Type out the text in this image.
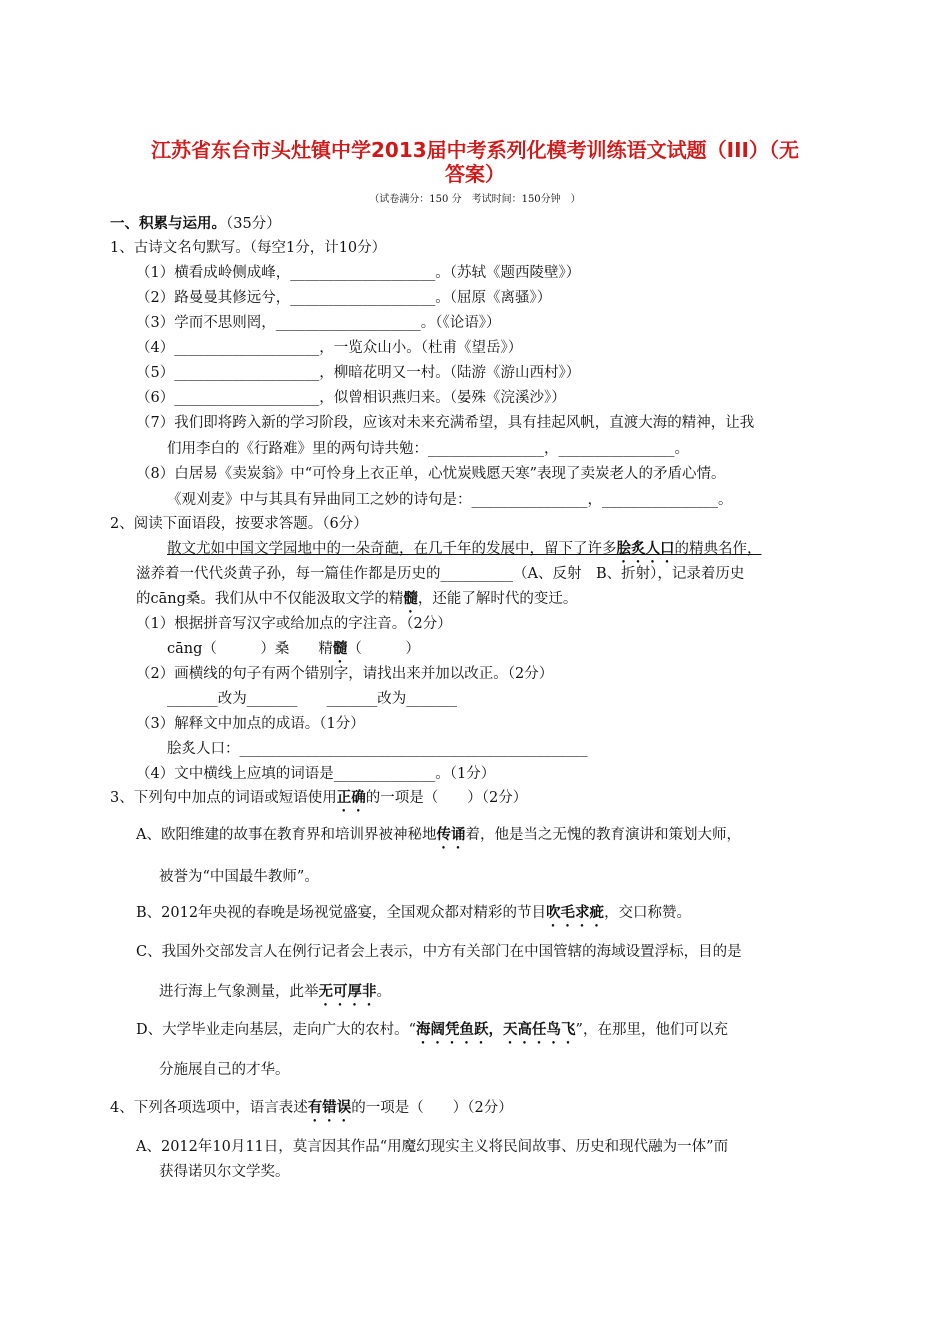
江苏省东台市头灶镇中学2013届中考系列化模考训练语文试题（III）（无
答案）
（试卷满分：150 分　考试时间：150分钟　）
一、积累与运用。（35分）
1、古诗文名句默写。（每空1分，计10分）
（1）横看成岭侧成峰，____________________。（苏轼《题西陵壁》）
（2）路曼曼其修远兮，____________________。（屈原《离骚》）
（3）学而不思则罔，____________________。（《论语》）
（4）____________________，一览众山小。（杜甫《望岳》）
（5）____________________，柳暗花明又一村。（陆游《游山西村》）
（6）____________________，似曾相识燕归来。（晏殊《浣溪沙》）
（7）我们即将跨入新的学习阶段，应该对未来充满希望，具有挂起风帆，直渡大海的精神，让我
们用李白的《行路难》里的两句诗共勉：________________，________________。
（8）白居易《卖炭翁》中“可怜身上衣正单，心忧炭贱愿天寒”表现了卖炭老人的矛盾心情。
《观刈麦》中与其具有异曲同工之妙的诗句是：________________，________________。
2、阅读下面语段，按要求答题。（6分）
散文尤如中国文学园地中的一朵奇葩，在几千年的发展中，留下了许多脍炙人口的精典名作，
滋养着一代代炎黄子孙，每一篇佳作都是历史的__________（A、反射　B、折射），记录着历史
的cāng桑。我们从中不仅能汲取文学的精髓，还能了解时代的变迁。
（1）根据拼音写汉字或给加点的字注音。（2分）
cāng（　　　）桑　　 精髓（　　　）
（2）画横线的句子有两个错别字，请找出来并加以改正。（2分）
_______改为_______　　_______改为_______
（3）解释文中加点的成语。（1分）
脍炙人口：________________________________________________
（4）文中横线上应填的词语是______________。（1分）
3、下列句中加点的词语或短语使用正确的一项是（　　）（2分）
A、欧阳维建的故事在教育界和培训界被神秘地传诵着，他是当之无愧的教育演讲和策划大师，
被誉为“中国最牛教师”。
B、2012年央视的春晚是场视觉盛宴，全国观众都对精彩的节目吹毛求疵，交口称赞。
C、我国外交部发言人在例行记者会上表示，中方有关部门在中国管辖的海域设置浮标，目的是
进行海上气象测量，此举无可厚非。
D、大学毕业走向基层，走向广大的农村。“海阔凭鱼跃，天高任鸟飞”，在那里，他们可以充
分施展自己的才华。
4、下列各项选项中，语言表述有错误的一项是（　　）（2分）
A、2012年10月11日，莫言因其作品“用魔幻现实主义将民间故事、历史和现代融为一体”而
获得诺贝尔文学奖。
